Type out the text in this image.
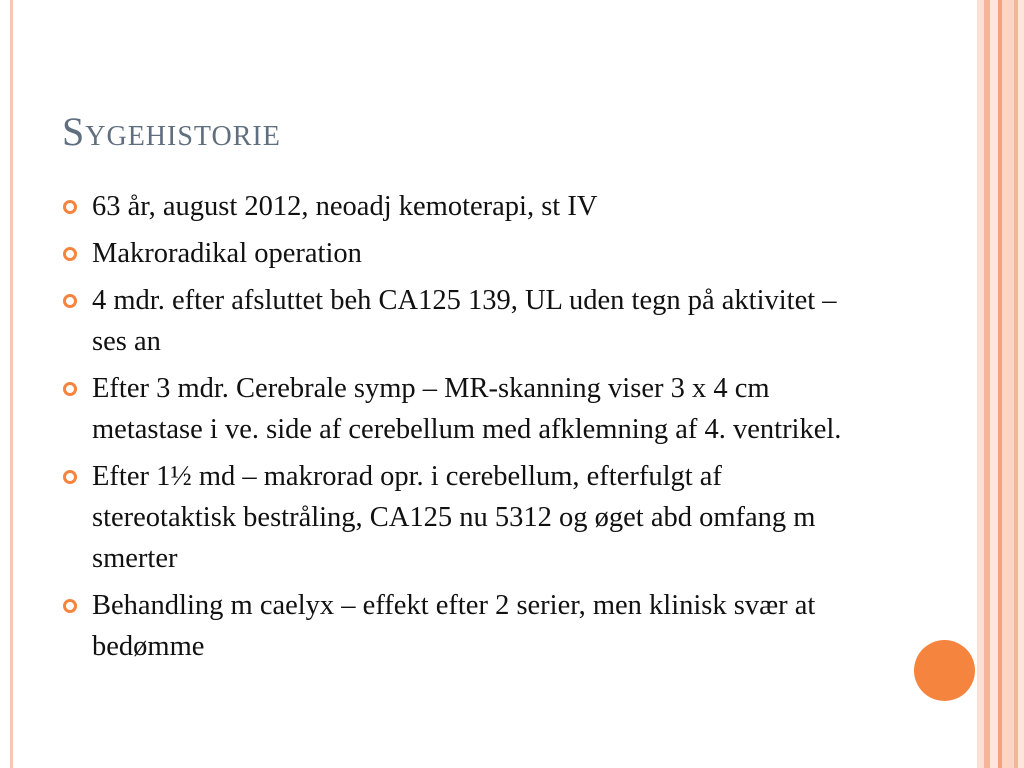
Sygehistorie
63 år, august 2012, neoadj kemoterapi, st IV
Makroradikal operation
4 mdr. efter afsluttet beh CA125 139, UL uden tegn på aktivitet – ses an
Efter 3 mdr. Cerebrale symp – MR-skanning viser 3 x 4 cm metastase i ve. side af cerebellum med afklemning af 4. ventrikel.
Efter 1½ md – makrorad opr. i cerebellum, efterfulgt af stereotaktisk bestråling, CA125 nu 5312 og øget abd omfang m smerter
Behandling m caelyx – effekt efter 2 serier, men klinisk svær at bedømme
